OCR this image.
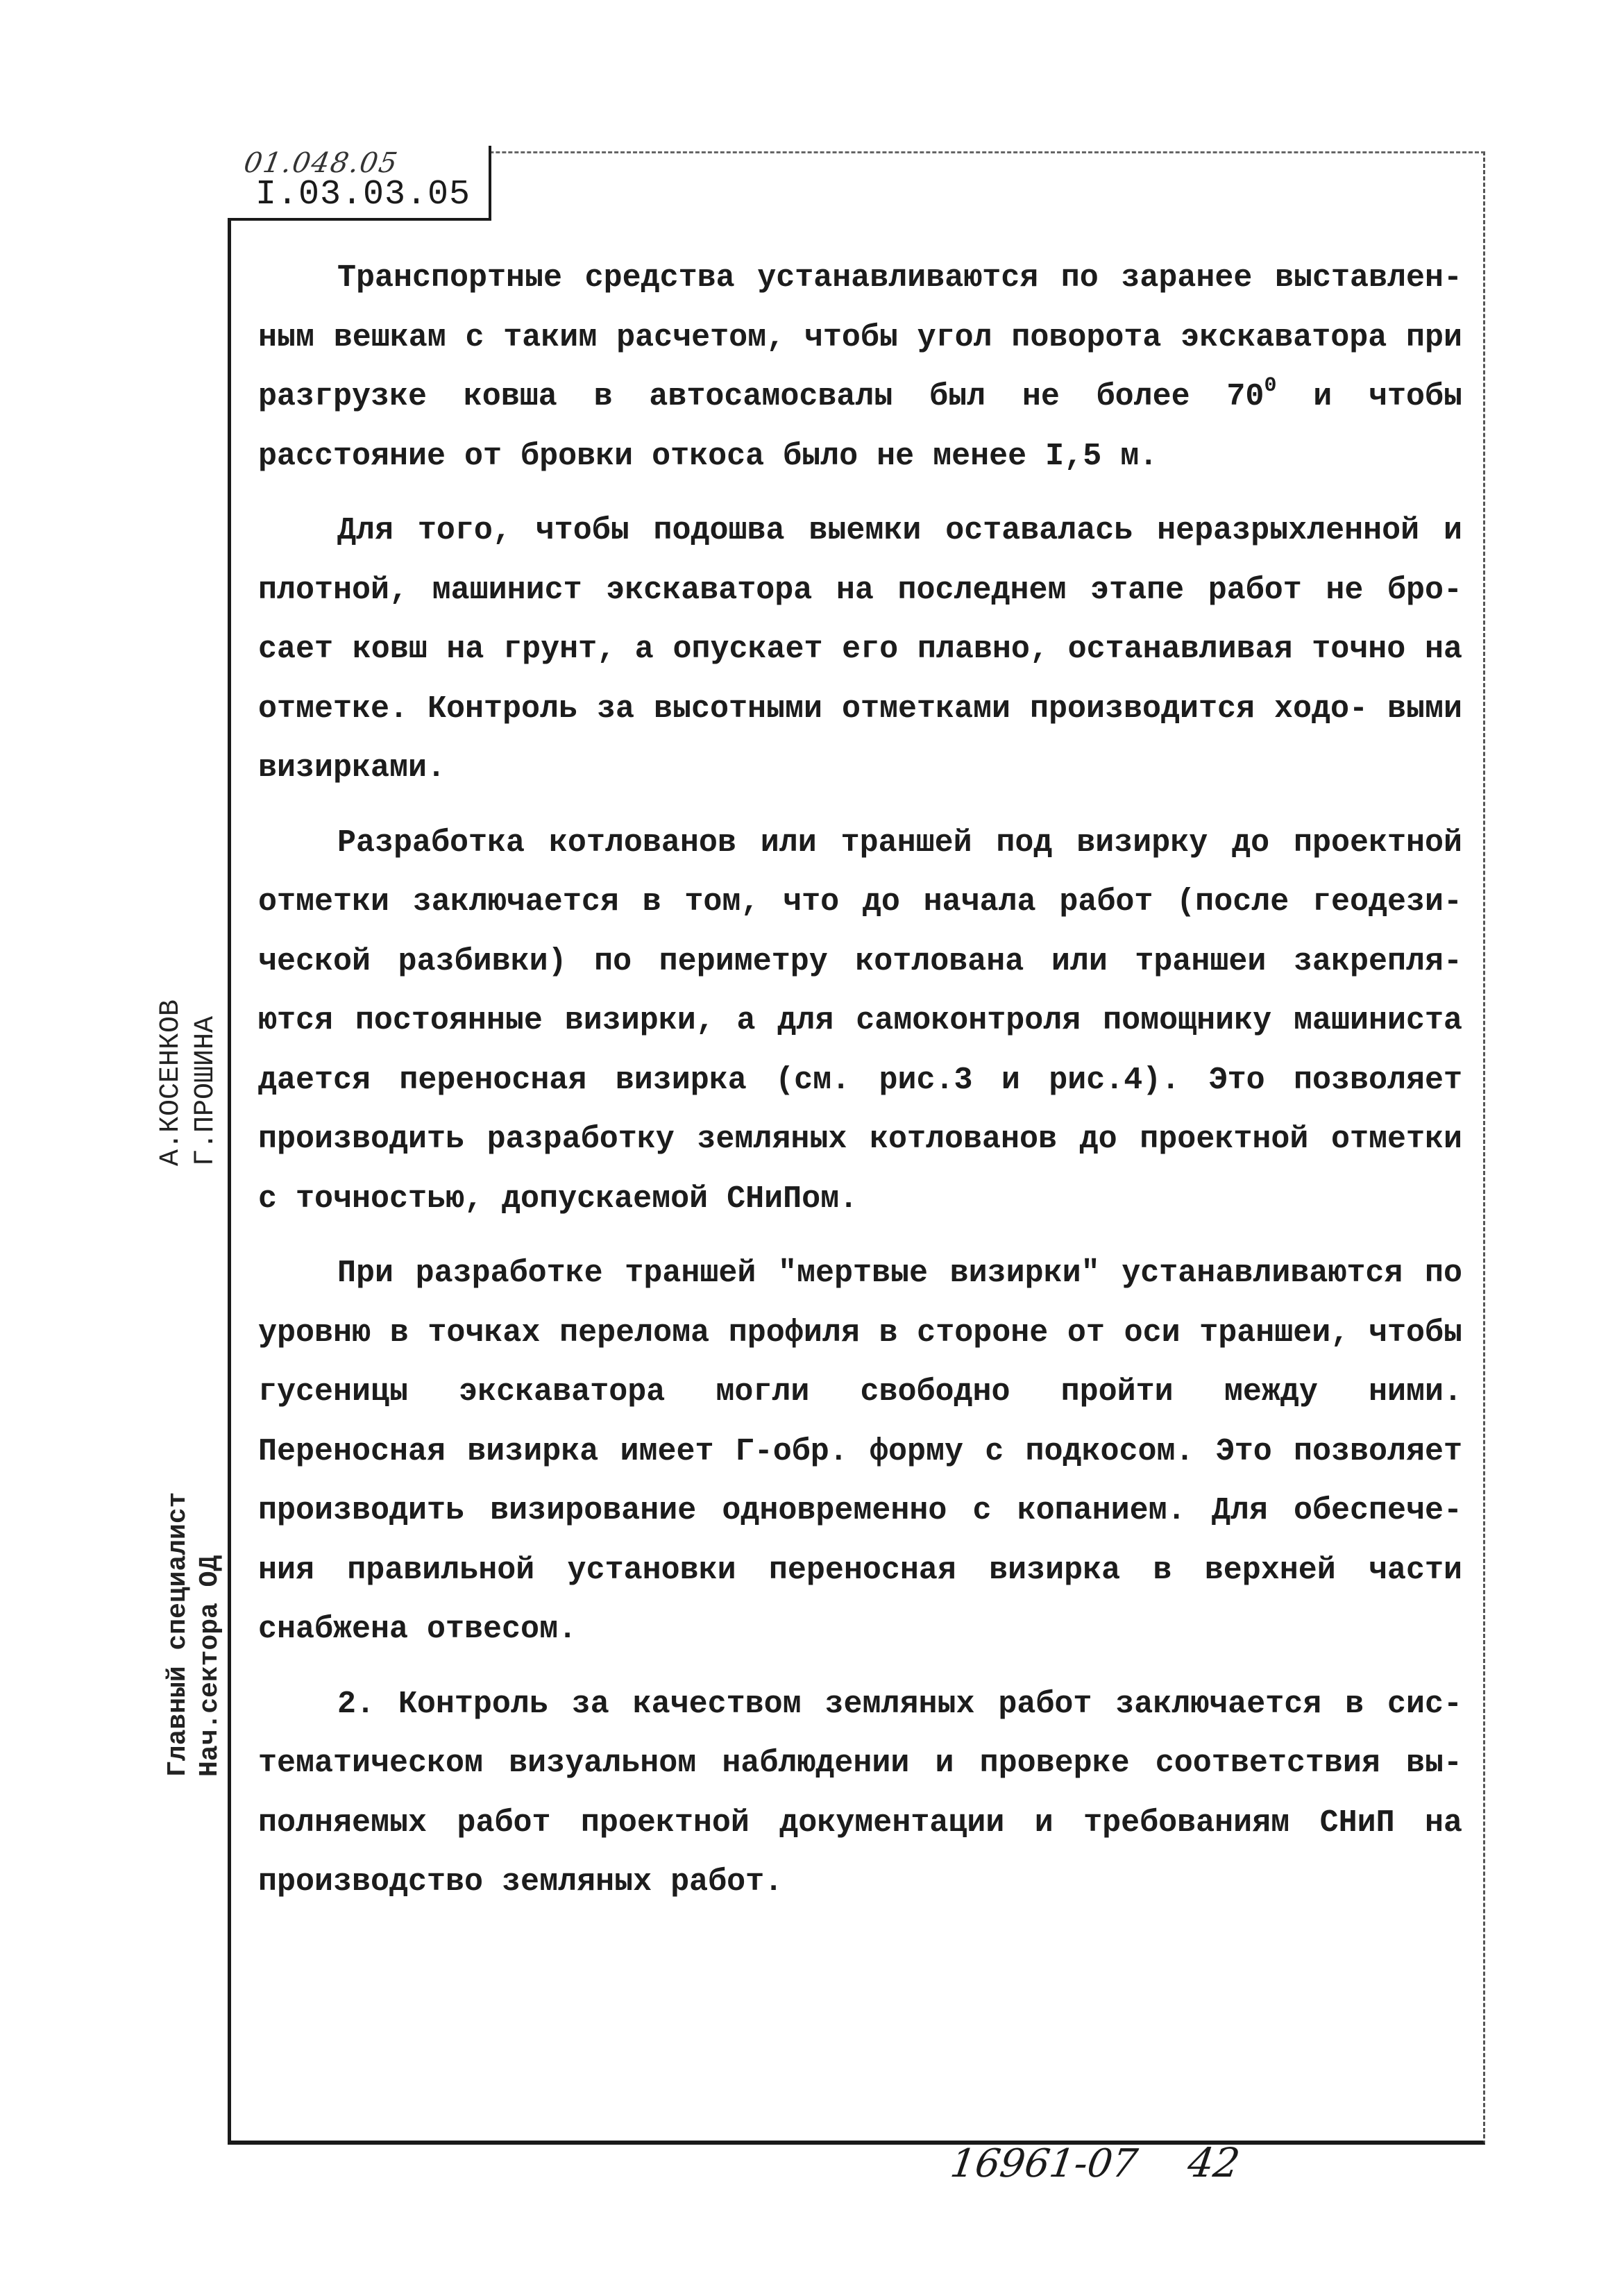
01.048.05
I.03.03.05

Транспортные средства устанавливаются по заранее выставлен- ным вешкам с таким расчетом, чтобы угол поворота экскаватора при разгрузке ковша в автосамосвалы был не более $70^0$ и чтобы расстояние от бровки откоса было не менее I,5 м.

Для того, чтобы подошва выемки оставалась неразрыхленной и плотной, машинист экскаватора на последнем этапе работ не бро- сает ковш на грунт, а опускает его плавно, останавливая точно на отметке. Контроль за высотными отметками производится ходо- выми визирками.

Разработка котлованов или траншей под визирку до проектной отметки заключается в том, что до начала работ (после геодези- ческой разбивки) по периметру котлована или траншеи закрепля- ются постоянные визирки, а для самоконтроля помощнику машиниста дается переносная визирка (см. рис.3 и рис.4). Это позволяет производить разработку земляных котлованов до проектной отметки с точностью, допускаемой СНиПом.

При разработке траншей "мертвые визирки" устанавливаются по уровню в точках перелома профиля в стороне от оси траншеи, чтобы гусеницы экскаватора могли свободно пройти между ними. Переносная визирка имеет Г-обр. форму с подкосом. Это позволяет производить визирование одновременно с копанием. Для обеспече- ния правильной установки переносная визирка в верхней части снабжена отвесом.

2. Контроль за качеством земляных работ заключается в сис- тематическом визуальном наблюдении и проверке соответствия вы- полняемых работ проектной документации и требованиям СНиП на производство земляных работ.

А.КОСЕНКОВ Г.ПРОШИНА
Главный специалист Нач.сектора ОД
16961-07 42
